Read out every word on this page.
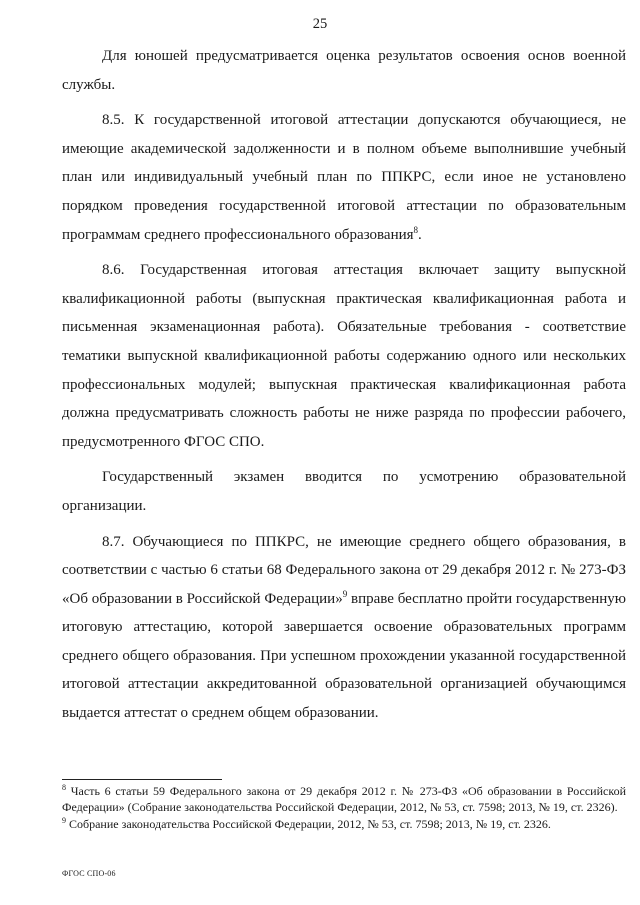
25

Для юношей предусматривается оценка результатов освоения основ военной службы.

8.5. К государственной итоговой аттестации допускаются обучающиеся, не имеющие академической задолженности и в полном объеме выполнившие учебный план или индивидуальный учебный план по ППКРС, если иное не установлено порядком проведения государственной итоговой аттестации по образовательным программам среднего профессионального образования$^8$.

8.6. Государственная итоговая аттестация включает защиту выпускной квалификационной работы (выпускная практическая квалификационная работа и письменная экзаменационная работа). Обязательные требования - соответствие тематики выпускной квалификационной работы содержанию одного или нескольких профессиональных модулей; выпускная практическая квалификационная работа должна предусматривать сложность работы не ниже разряда по профессии рабочего, предусмотренного ФГОС СПО.

Государственный экзамен вводится по усмотрению образовательной организации.

8.7. Обучающиеся по ППКРС, не имеющие среднего общего образования, в соответствии с частью 6 статьи 68 Федерального закона от 29 декабря 2012 г. № 273-ФЗ «Об образовании в Российской Федерации»$^9$ вправе бесплатно пройти государственную итоговую аттестацию, которой завершается освоение образовательных программ среднего общего образования. При успешном прохождении указанной государственной итоговой аттестации аккредитованной образовательной организацией обучающимся выдается аттестат о среднем общем образовании.

$^8$ Часть 6 статьи 59 Федерального закона от 29 декабря 2012 г. № 273-ФЗ «Об образовании в Российской Федерации» (Собрание законодательства Российской Федерации, 2012, № 53, ст. 7598; 2013, № 19, ст. 2326).

$^9$ Собрание законодательства Российской Федерации, 2012, № 53, ст. 7598; 2013, № 19, ст. 2326.

ФГОС СПО-06
